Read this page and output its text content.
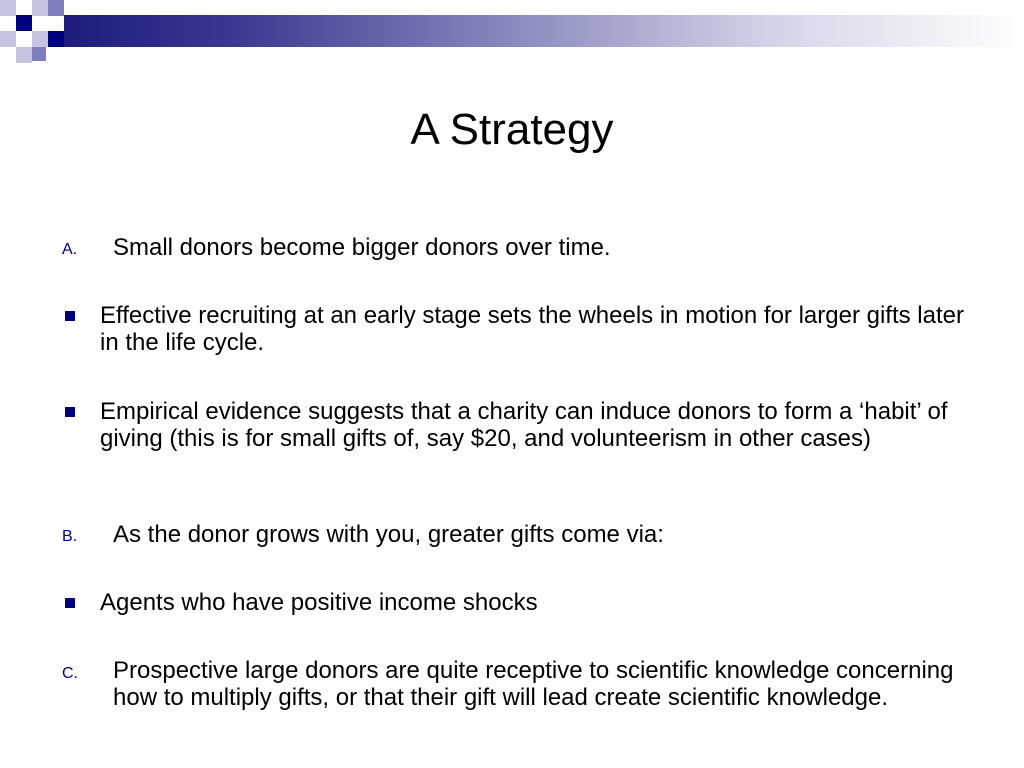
A Strategy
A. Small donors become bigger donors over time.
Effective recruiting at an early stage sets the wheels in motion for larger gifts later in the life cycle.
Empirical evidence suggests that a charity can induce donors to form a ‘habit’ of giving (this is for small gifts of, say $20, and volunteerism in other cases)
B. As the donor grows with you, greater gifts come via:
Agents who have positive income shocks
C. Prospective large donors are quite receptive to scientific knowledge concerning how to multiply gifts, or that their gift will lead create scientific knowledge.
